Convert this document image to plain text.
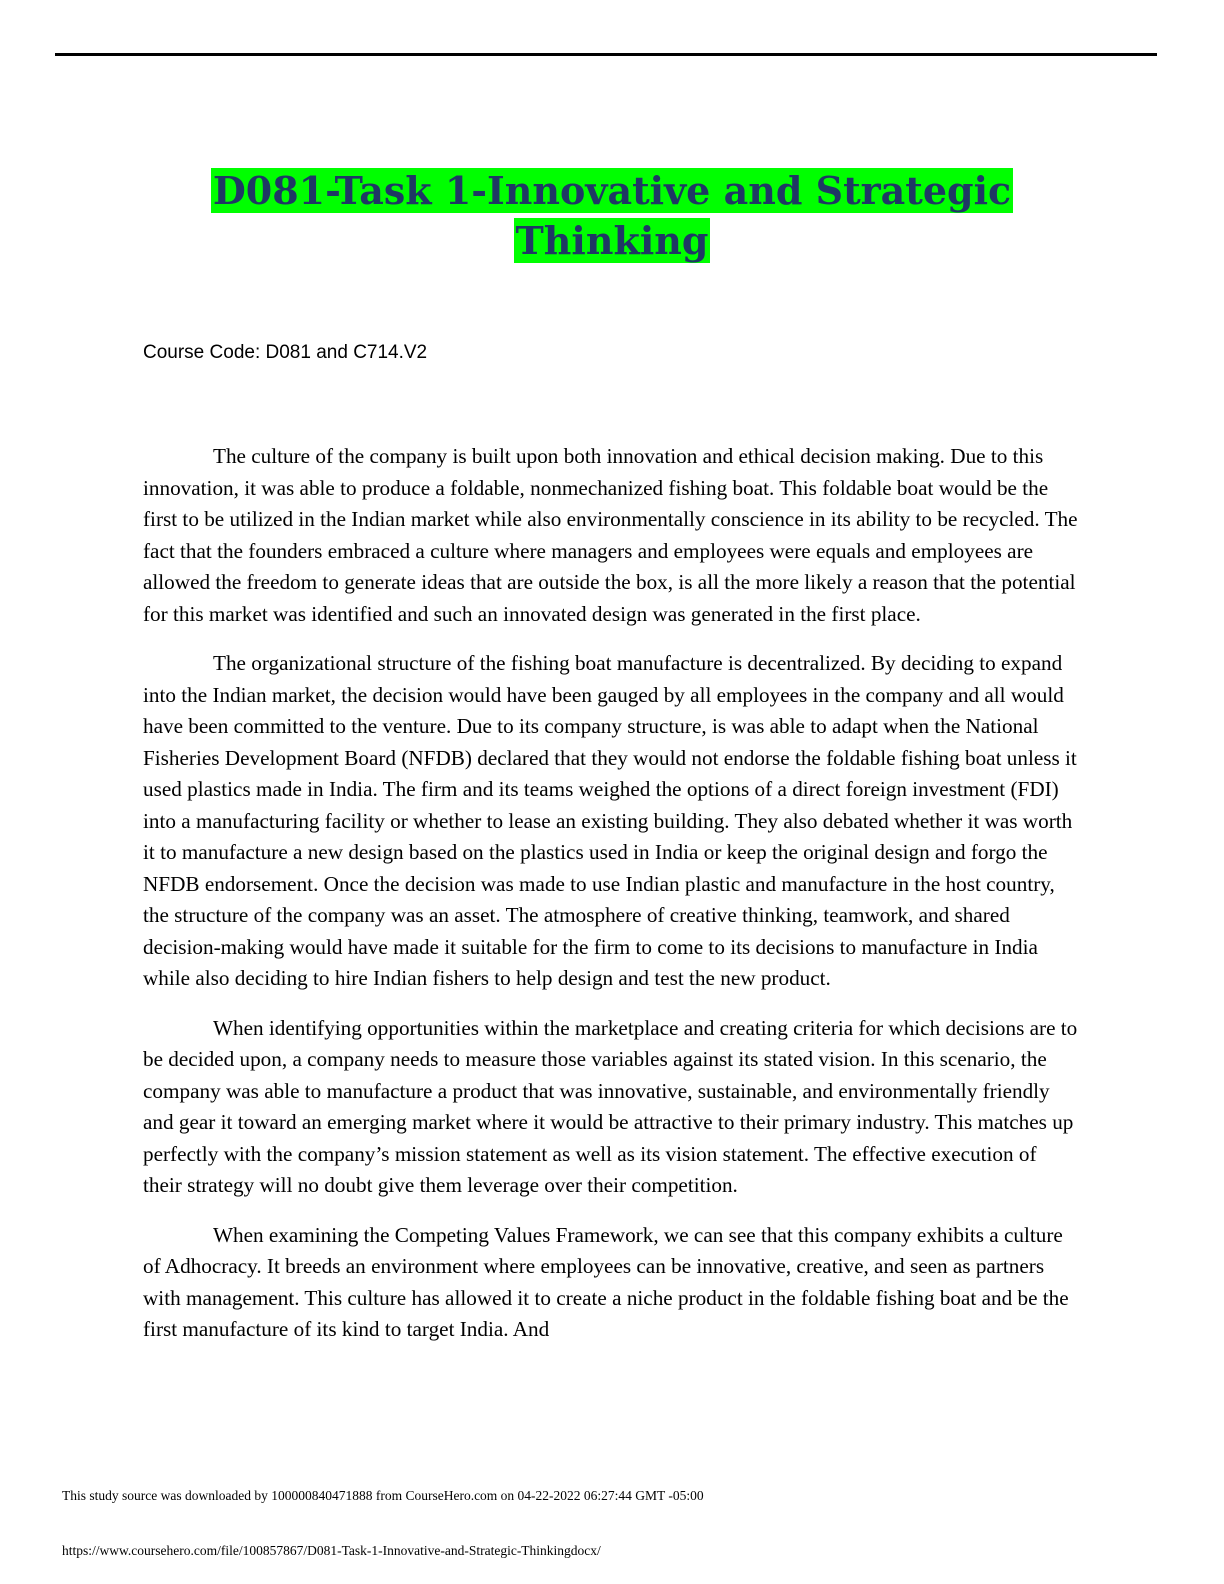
D081-Task 1-Innovative and Strategic
Thinking
Course Code: D081 and C714.V2

The culture of the company is built upon both innovation and ethical decision making. Due to this innovation, it was able to produce a foldable, nonmechanized fishing boat. This foldable boat would be the first to be utilized in the Indian market while also environmentally conscience in its ability to be recycled. The fact that the founders embraced a culture where managers and employees were equals and employees are allowed the freedom to generate ideas that are outside the box, is all the more likely a reason that the potential for this market was identified and such an innovated design was generated in the first place.

The organizational structure of the fishing boat manufacture is decentralized. By deciding to expand into the Indian market, the decision would have been gauged by all employees in the company and all would have been committed to the venture. Due to its company structure, is was able to adapt when the National Fisheries Development Board (NFDB) declared that they would not endorse the foldable fishing boat unless it used plastics made in India. The firm and its teams weighed the options of a direct foreign investment (FDI) into a manufacturing facility or whether to lease an existing building. They also debated whether it was worth it to manufacture a new design based on the plastics used in India or keep the original design and forgo the NFDB endorsement. Once the decision was made to use Indian plastic and manufacture in the host country, the structure of the company was an asset. The atmosphere of creative thinking, teamwork, and shared decision-making would have made it suitable for the firm to come to its decisions to manufacture in India while also deciding to hire Indian fishers to help design and test the new product.

When identifying opportunities within the marketplace and creating criteria for which decisions are to be decided upon, a company needs to measure those variables against its stated vision. In this scenario, the company was able to manufacture a product that was innovative, sustainable, and environmentally friendly and gear it toward an emerging market where it would be attractive to their primary industry. This matches up perfectly with the company’s mission statement as well as its vision statement. The effective execution of their strategy will no doubt give them leverage over their competition.

When examining the Competing Values Framework, we can see that this company exhibits a culture of Adhocracy. It breeds an environment where employees can be innovative, creative, and seen as partners with management. This culture has allowed it to create a niche product in the foldable fishing boat and be the first manufacture of its kind to target India. And

This study source was downloaded by 100000840471888 from CourseHero.com on 04-22-2022 06:27:44 GMT -05:00
https://www.coursehero.com/file/100857867/D081-Task-1-Innovative-and-Strategic-Thinkingdocx/
